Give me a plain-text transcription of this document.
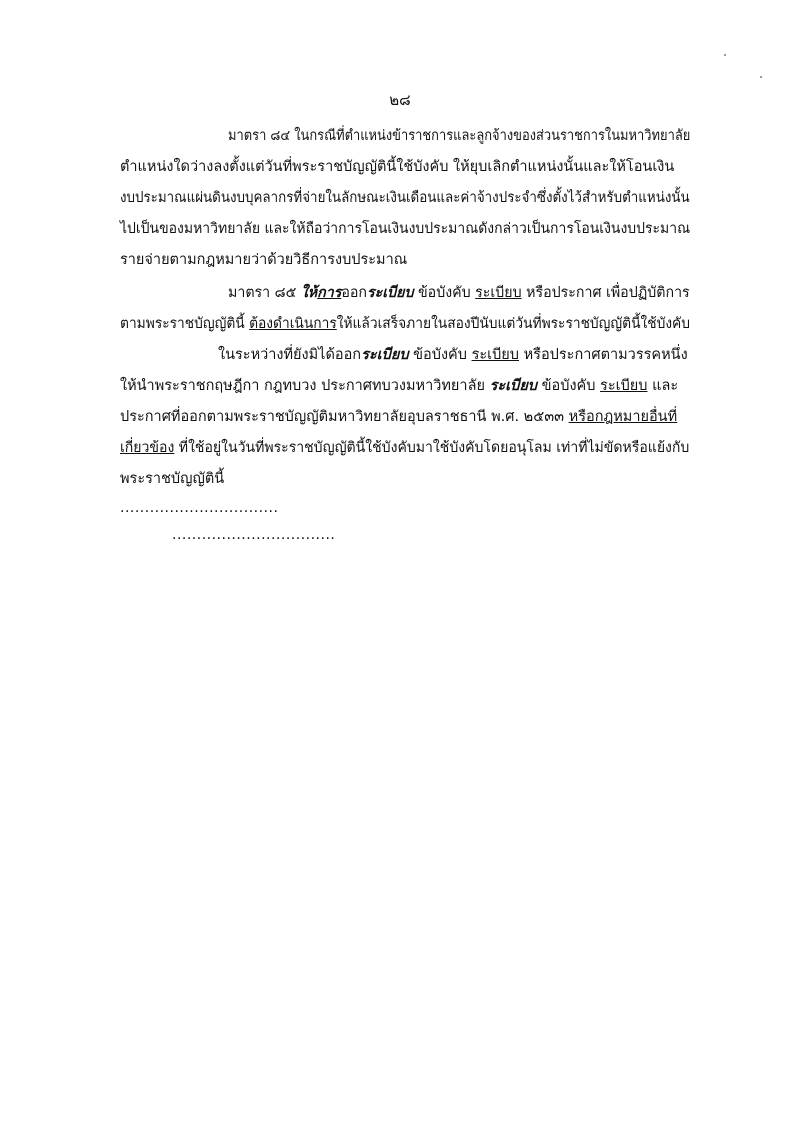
๒๘
มาตรา ๘๔ ในกรณีที่ตำแหน่งข้าราชการและลูกจ้างของส่วนราชการในมหาวิทยาลัย
ตำแหน่งใดว่างลงตั้งแต่วันที่พระราชบัญญัตินี้ใช้บังคับ ให้ยุบเลิกตำแหน่งนั้นและให้โอนเงิน
งบประมาณแผ่นดินงบบุคลากรที่จ่ายในลักษณะเงินเดือนและค่าจ้างประจำซึ่งตั้งไว้สำหรับตำแหน่งนั้น
ไปเป็นของมหาวิทยาลัย และให้ถือว่าการโอนเงินงบประมาณดังกล่าวเป็นการโอนเงินงบประมาณ
รายจ่ายตามกฎหมายว่าด้วยวิธีการงบประมาณ
มาตรา ๘๕ ให้การออกระเบียบ ข้อบังคับ ระเบียบ หรือประกาศ เพื่อปฏิบัติการ
ตามพระราชบัญญัตินี้ ต้องดำเนินการให้แล้วเสร็จภายในสองปีนับแต่วันที่พระราชบัญญัตินี้ใช้บังคับ
ในระหว่างที่ยังมิได้ออกระเบียบ ข้อบังคับ ระเบียบ หรือประกาศตามวรรคหนึ่ง
ให้นำพระราชกฤษฎีกา กฎทบวง ประกาศทบวงมหาวิทยาลัย ระเบียบ ข้อบังคับ ระเบียบ และ
ประกาศที่ออกตามพระราชบัญญัติมหาวิทยาลัยอุบลราชธานี พ.ศ. ๒๕๓๓ หรือกฎหมายอื่นที่
เกี่ยวข้อง ที่ใช้อยู่ในวันที่พระราชบัญญัตินี้ใช้บังคับมาใช้บังคับโดยอนุโลม เท่าที่ไม่ขัดหรือแย้งกับ
พระราชบัญญัตินี้
................................
.................................
